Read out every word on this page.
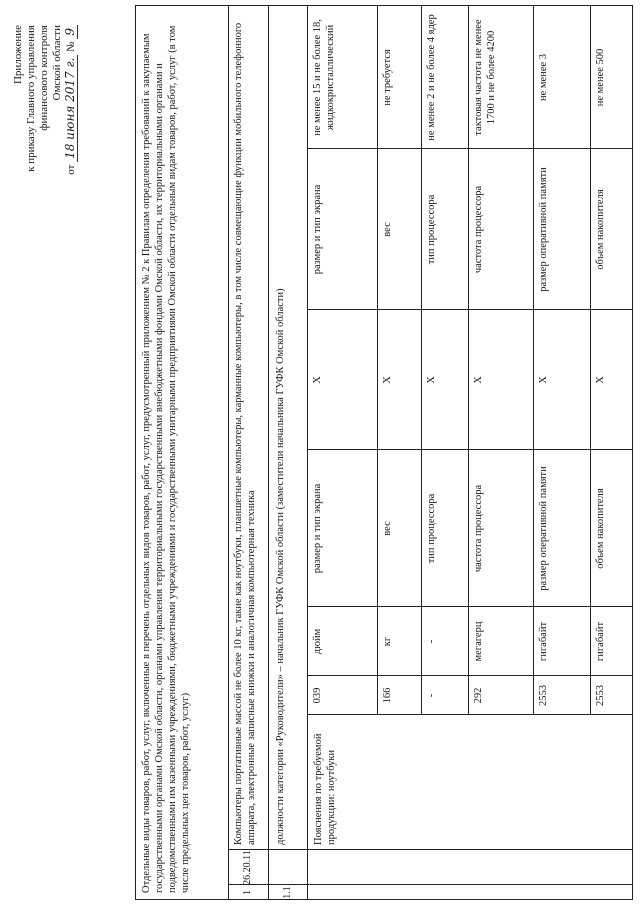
Приложение к приказу Главного управления финансового контроля Омской области
от 18 июня 2017 г. № 9
Отдельные виды товаров, работ, услуг, включенные в перечень отдельных видов товаров, работ, услуг, предусмотренный приложением № 2 к Правилам определения требований к закупаемым государственными органами Омской области, органами управления территориальными государственными внебюджетными фондами Омской области, их территориальными органами и подведомственными им казенными учреждениями, бюджетными учреждениями и государственными унитарными предприятиями Омской области отдельным видам товаров, работ, услуг (в том числе предельных цен товаров, работ, услуг)	1
26.20.11
Компьютеры портативные массой не более 10 кг, такие как ноутбуки, планшетные компьютеры, карманные компьютеры, в том числе совмещающие функции мобильного телефонного аппарата, электронные записные книжки и аналогичная компьютерная техника
1.1
должности категории «Руководители» – начальник ГУФК Омской области (заместители начальника ГУФК Омской области)	Пояснения по требуемой продукции: ноутбуки
039
дюйм
размер и тип экрана
X
размер и тип экрана
не менее 15 и не более 18, жидкокристаллический
166
кг
вес
X
вес
не требуется
-
-
тип процессора
X
тип процессора
не менее 2 и не более 4 ядер
292
мегагерц
частота процессора
X
частота процессора
тактовая частота не менее 1700 и не более 4200
2553
гигабайт
размер оперативной памяти
X
размер оперативной памяти
не менее 3
2553
гигабайт
объем накопителя
X
объем накопителя
не менее 500
